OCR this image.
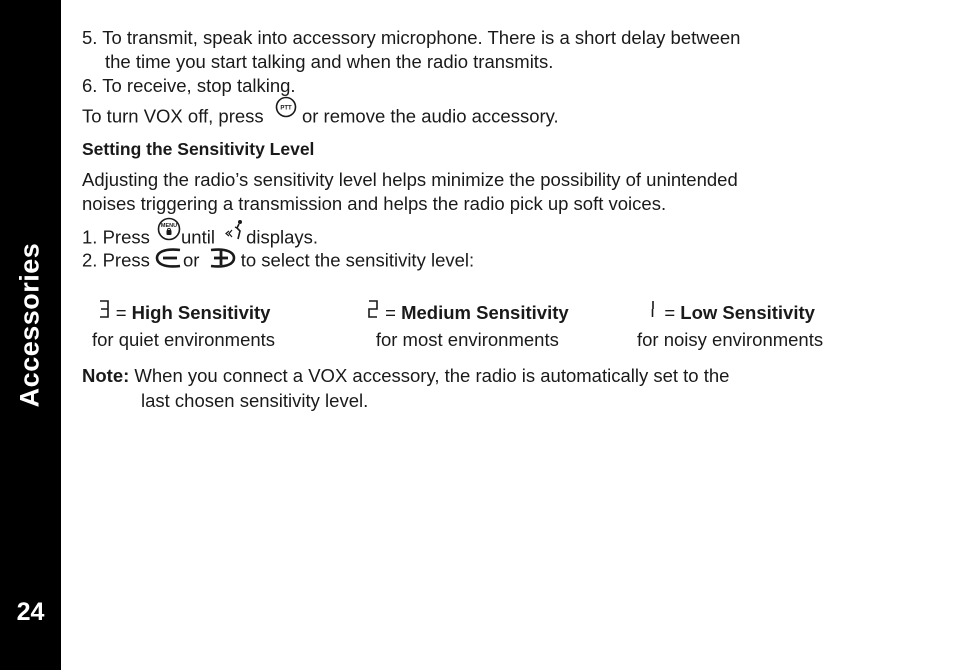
Accessories
24
5. To transmit, speak into accessory microphone. There is a short delay between
the time you start talking and when the radio transmits.
6. To receive, stop talking.
To turn VOX off, press	PTT or remove the audio accessory.
Setting the Sensitivity Level
Adjusting the radio’s sensitivity level helps minimize the possibility of unintended
noises triggering a transmission and helps the radio pick up soft voices.
1. Press
MENU
until displays.
2. Press or to select the sensitivity level:
= High Sensitivity
for quiet environments
= Medium Sensitivity
for most environments
= Low Sensitivity
for noisy environments
Note: When you connect a VOX accessory, the radio is automatically set to the
last chosen sensitivity level.
